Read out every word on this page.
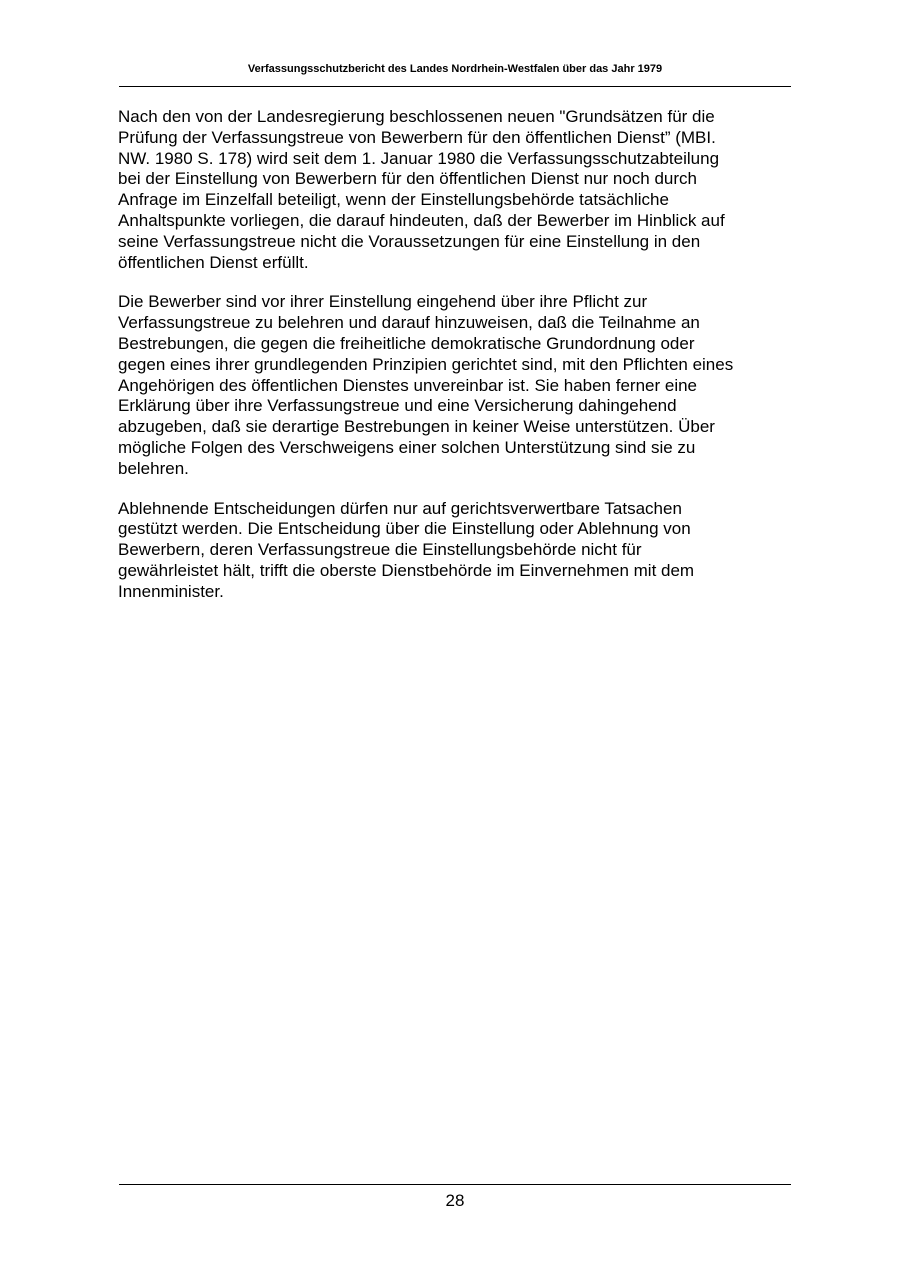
Verfassungsschutzbericht des Landes Nordrhein-Westfalen über das Jahr 1979

Nach den von der Landesregierung beschlossenen neuen "Grundsätzen für die
Prüfung der Verfassungstreue von Bewerbern für den öffentlichen Dienst” (MBI.
NW. 1980 S. 178) wird seit dem 1. Januar 1980 die Verfassungsschutzabteilung
bei der Einstellung von Bewerbern für den öffentlichen Dienst nur noch durch
Anfrage im Einzelfall beteiligt, wenn der Einstellungsbehörde tatsächliche
Anhaltspunkte vorliegen, die darauf hindeuten, daß der Bewerber im Hinblick auf
seine Verfassungstreue nicht die Voraussetzungen für eine Einstellung in den
öffentlichen Dienst erfüllt.

Die Bewerber sind vor ihrer Einstellung eingehend über ihre Pflicht zur
Verfassungstreue zu belehren und darauf hinzuweisen, daß die Teilnahme an
Bestrebungen, die gegen die freiheitliche demokratische Grundordnung oder
gegen eines ihrer grundlegenden Prinzipien gerichtet sind, mit den Pflichten eines
Angehörigen des öffentlichen Dienstes unvereinbar ist. Sie haben ferner eine
Erklärung über ihre Verfassungstreue und eine Versicherung dahingehend
abzugeben, daß sie derartige Bestrebungen in keiner Weise unterstützen. Über
mögliche Folgen des Verschweigens einer solchen Unterstützung sind sie zu
belehren.

Ablehnende Entscheidungen dürfen nur auf gerichtsverwertbare Tatsachen
gestützt werden. Die Entscheidung über die Einstellung oder Ablehnung von
Bewerbern, deren Verfassungstreue die Einstellungsbehörde nicht für
gewährleistet hält, trifft die oberste Dienstbehörde im Einvernehmen mit dem
Innenminister.

28
